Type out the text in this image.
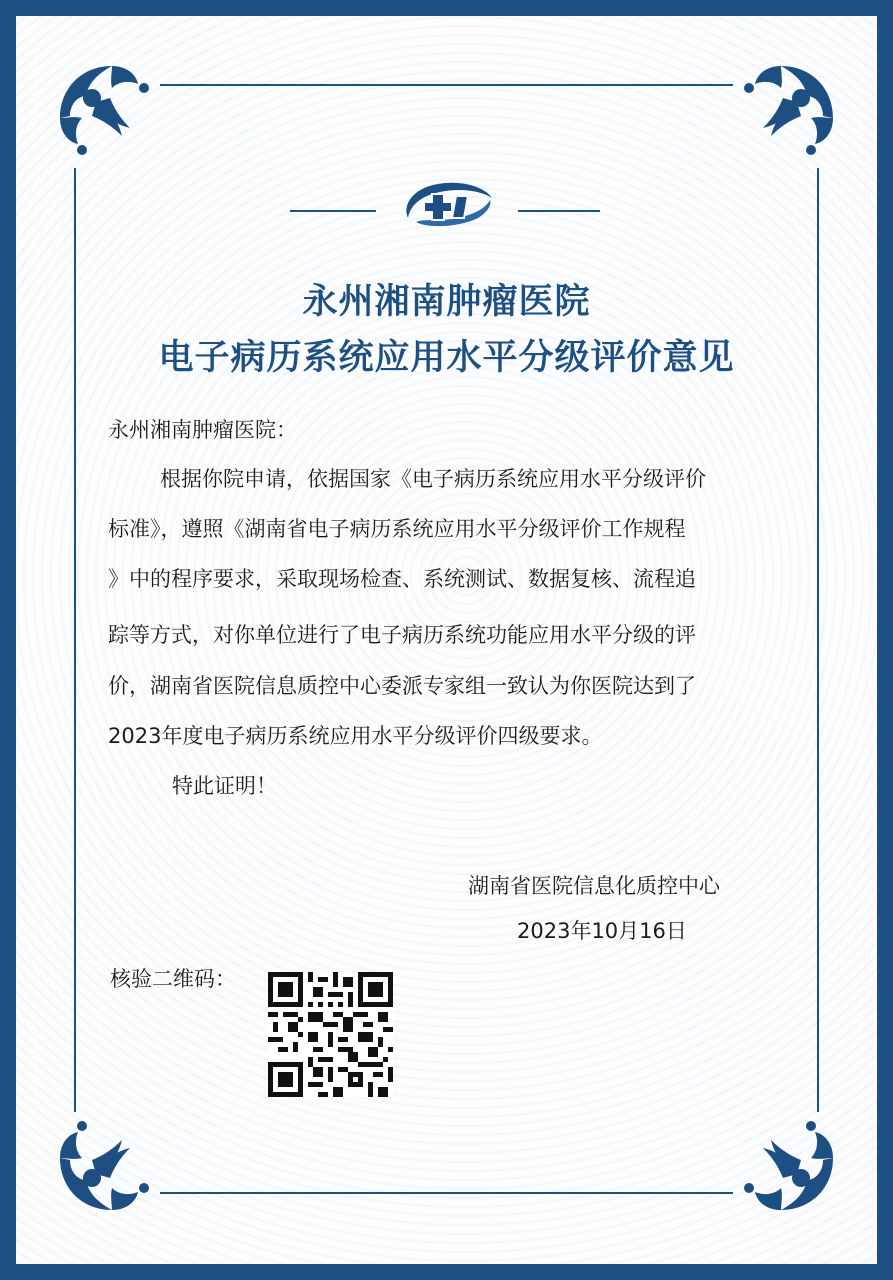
永州湘南肿瘤医院
电子病历系统应用水平分级评价意见

永州湘南肿瘤医院：

根据你院申请，依据国家《电子病历系统应用水平分级评价

标准》，遵照《湖南省电子病历系统应用水平分级评价工作规程

》中的程序要求，采取现场检查、系统测试、数据复核、流程追

踪等方式，对你单位进行了电子病历系统功能应用水平分级的评

价，湖南省医院信息质控中心委派专家组一致认为你医院达到了

2023年度电子病历系统应用水平分级评价四级要求。

特此证明！

湖南省医院信息化质控中心

2023年10月16日

核验二维码：
